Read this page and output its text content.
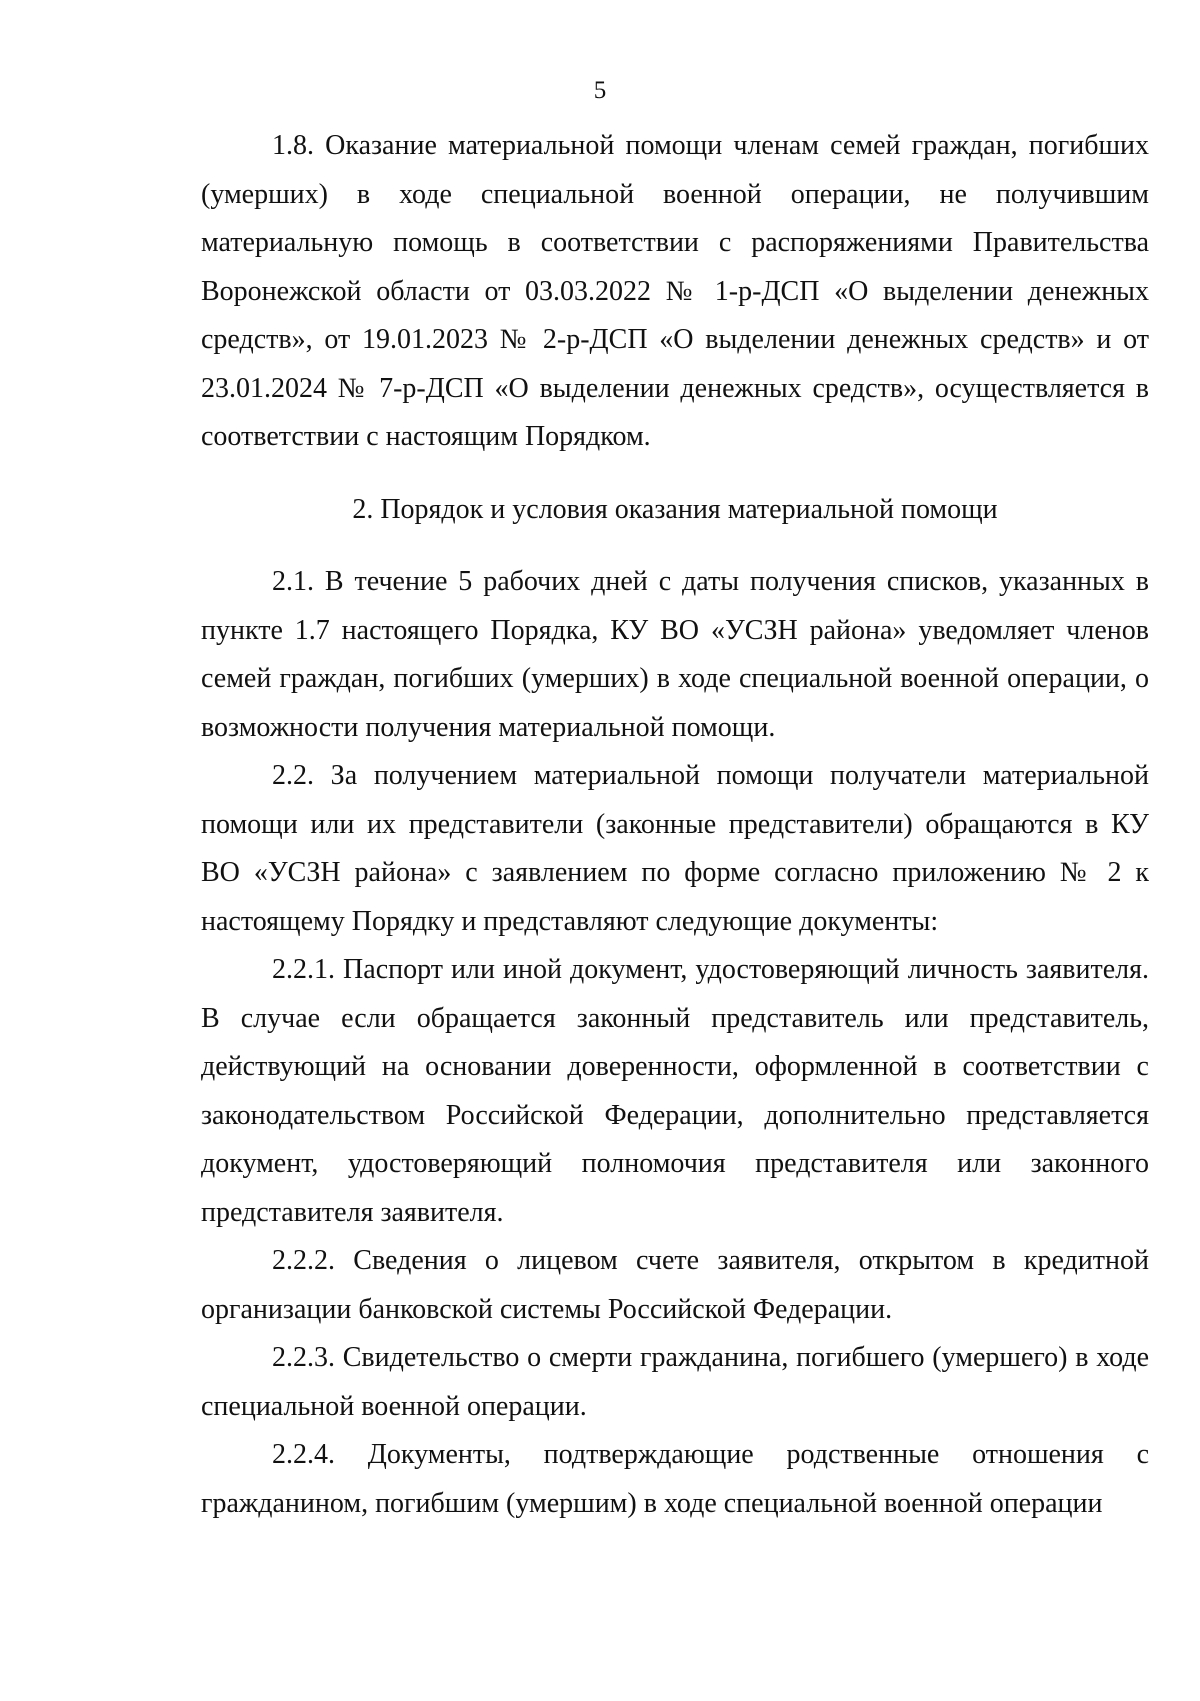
5

1.8. Оказание материальной помощи членам семей граждан, погибших (умерших) в ходе специальной военной операции, не получившим материальную помощь в соответствии с распоряжениями Правительства Воронежской области от 03.03.2022 № 1-р-ДСП «О выделении денежных средств», от 19.01.2023 № 2-р-ДСП «О выделении денежных средств» и от 23.01.2024 № 7-р-ДСП «О выделении денежных средств», осуществляется в соответствии с настоящим Порядком.

2. Порядок и условия оказания материальной помощи

2.1. В течение 5 рабочих дней с даты получения списков, указанных в пункте 1.7 настоящего Порядка, КУ ВО «УСЗН района» уведомляет членов семей граждан, погибших (умерших) в ходе специальной военной операции, о возможности получения материальной помощи.

2.2. За получением материальной помощи получатели материальной помощи или их представители (законные представители) обращаются в КУ ВО «УСЗН района» с заявлением по форме согласно приложению № 2 к настоящему Порядку и представляют следующие документы:

2.2.1. Паспорт или иной документ, удостоверяющий личность заявителя. В случае если обращается законный представитель или представитель, действующий на основании доверенности, оформленной в соответствии с законодательством Российской Федерации, дополнительно представляется документ, удостоверяющий полномочия представителя или законного представителя заявителя.

2.2.2. Сведения о лицевом счете заявителя, открытом в кредитной организации банковской системы Российской Федерации.

2.2.3. Свидетельство о смерти гражданина, погибшего (умершего) в ходе специальной военной операции.

2.2.4. Документы, подтверждающие родственные отношения с гражданином, погибшим (умершим) в ходе специальной военной операции
